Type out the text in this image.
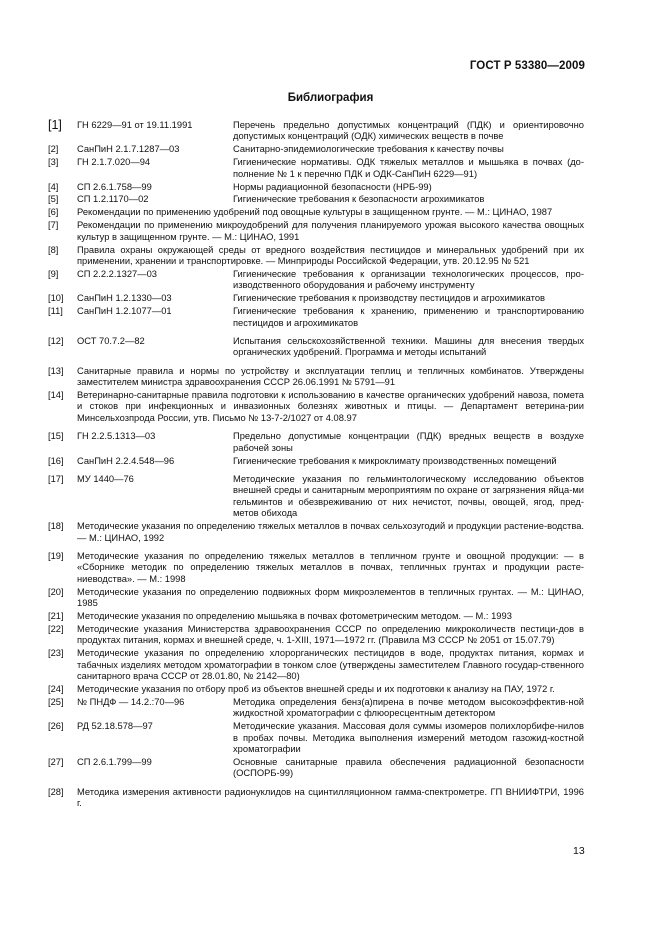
ГОСТ Р 53380—2009
Библиография
[1] ГН 6229—91 от 19.11.1991	Перечень предельно допустимых концентраций (ПДК) и ориентировочно допустимых концентраций (ОДК) химических веществ в почве
[2] СанПиН 2.1.7.1287—03	Санитарно-эпидемиологические требования к качеству почвы
[3] ГН 2.1.7.020—94	Гигиенические нормативы. ОДК тяжелых металлов и мышьяка в почвах (до-полнение № 1 к перечню ПДК и ОДК-СанПиН 6229—91)
[4] СП 2.6.1.758—99	Нормы радиационной безопасности (НРБ-99)
[5] СП 1.2.1170—02	Гигиенические требования к безопасности агрохимикатов
[6] Рекомендации по применению удобрений под овощные культуры в защищенном грунте. — М.: ЦИНАО, 1987
[7] Рекомендации по применению микроудобрений для получения планируемого урожая высокого качества овощных культур в защищенном грунте. — М.: ЦИНАО, 1991
[8] Правила охраны окружающей среды от вредного воздействия пестицидов и минеральных удобрений при их применении, хранении и транспортировке. — Минприроды Российской Федерации, утв. 20.12.95 № 521
[9] СП 2.2.2.1327—03	Гигиенические требования к организации технологических процессов, про-изводственного оборудования и рабочему инструменту
[10] СанПиН 1.2.1330—03	Гигиенические требования к производству пестицидов и агрохимикатов
[11] СанПиН 1.2.1077—01	Гигиенические требования к хранению, применению и транспортированию пестицидов и агрохимикатов
[12] ОСТ 70.7.2—82	Испытания сельскохозяйственной техники. Машины для внесения твердых органических удобрений. Программа и методы испытаний
[13] Санитарные правила и нормы по устройству и эксплуатации теплиц и тепличных комбинатов. Утверждены заместителем министра здравоохранения СССР 26.06.1991 № 5791—91
[14] Ветеринарно-санитарные правила подготовки к использованию в качестве органических удобрений навоза, помета и стоков при инфекционных и инвазионных болезнях животных и птицы. — Департамент ветерина-рии Минсельхозпрода России, утв. Письмо № 13-7-2/1027 от 4.08.97
[15] ГН 2.2.5.1313—03	Предельно допустимые концентрации (ПДК) вредных веществ в воздухе рабочей зоны
[16] СанПиН 2.2.4.548—96	Гигиенические требования к микроклимату производственных помещений
[17] МУ 1440—76	Методические указания по гельминтологическому исследованию объектов внешней среды и санитарным мероприятиям по охране от загрязнения яйца-ми гельминтов и обезвреживанию от них нечистот, почвы, овощей, ягод, пред-метов обихода
[18] Методические указания по определению тяжелых металлов в почвах сельхозугодий и продукции растение-водства. — М.: ЦИНАО, 1992
[19] Методические указания по определению тяжелых металлов в тепличном грунте и овощной продукции: — в «Сборнике методик по определению тяжелых металлов в почвах, тепличных грунтах и продукции расте-ниеводства». — М.: 1998
[20] Методические указания по определению подвижных форм микроэлементов в тепличных грунтах. — М.: ЦИНАО, 1985
[21] Методические указания по определению мышьяка в почвах фотометрическим методом. — М.: 1993
[22] Методические указания Министерства здравоохранения СССР по определению микроколичеств пестици-дов в продуктах питания, кормах и внешней среде, ч. 1-XIII, 1971—1972 гг. (Правила МЗ СССР № 2051 от 15.07.79)
[23] Методические указания по определению хлорорганических пестицидов в воде, продуктах питания, кормах и табачных изделиях методом хроматографии в тонком слое (утверждены заместителем Главного государ-ственного санитарного врача СССР от 28.01.80, № 2142—80)
[24] Методические указания по отбору проб из объектов внешней среды и их подготовки к анализу на ПАУ, 1972 г.
[25] № ПНДФ — 14.2.:70—96	Методика определения бенз(а)пирена в почве методом высокоэффектив-ной жидкостной хроматографии с флюоресцентным детектором
[26] РД 52.18.578—97	Методические указания. Массовая доля суммы изомеров полихлорбифе-нилов в пробах почвы. Методика выполнения измерений методом газожид-костной хроматографии
[27] СП 2.6.1.799—99	Основные санитарные правила обеспечения радиационной безопасности (ОСПОРБ-99)
[28] Методика измерения активности радионуклидов на сцинтилляционном гамма-спектрометре. ГП ВНИИФТРИ, 1996 г.
13
